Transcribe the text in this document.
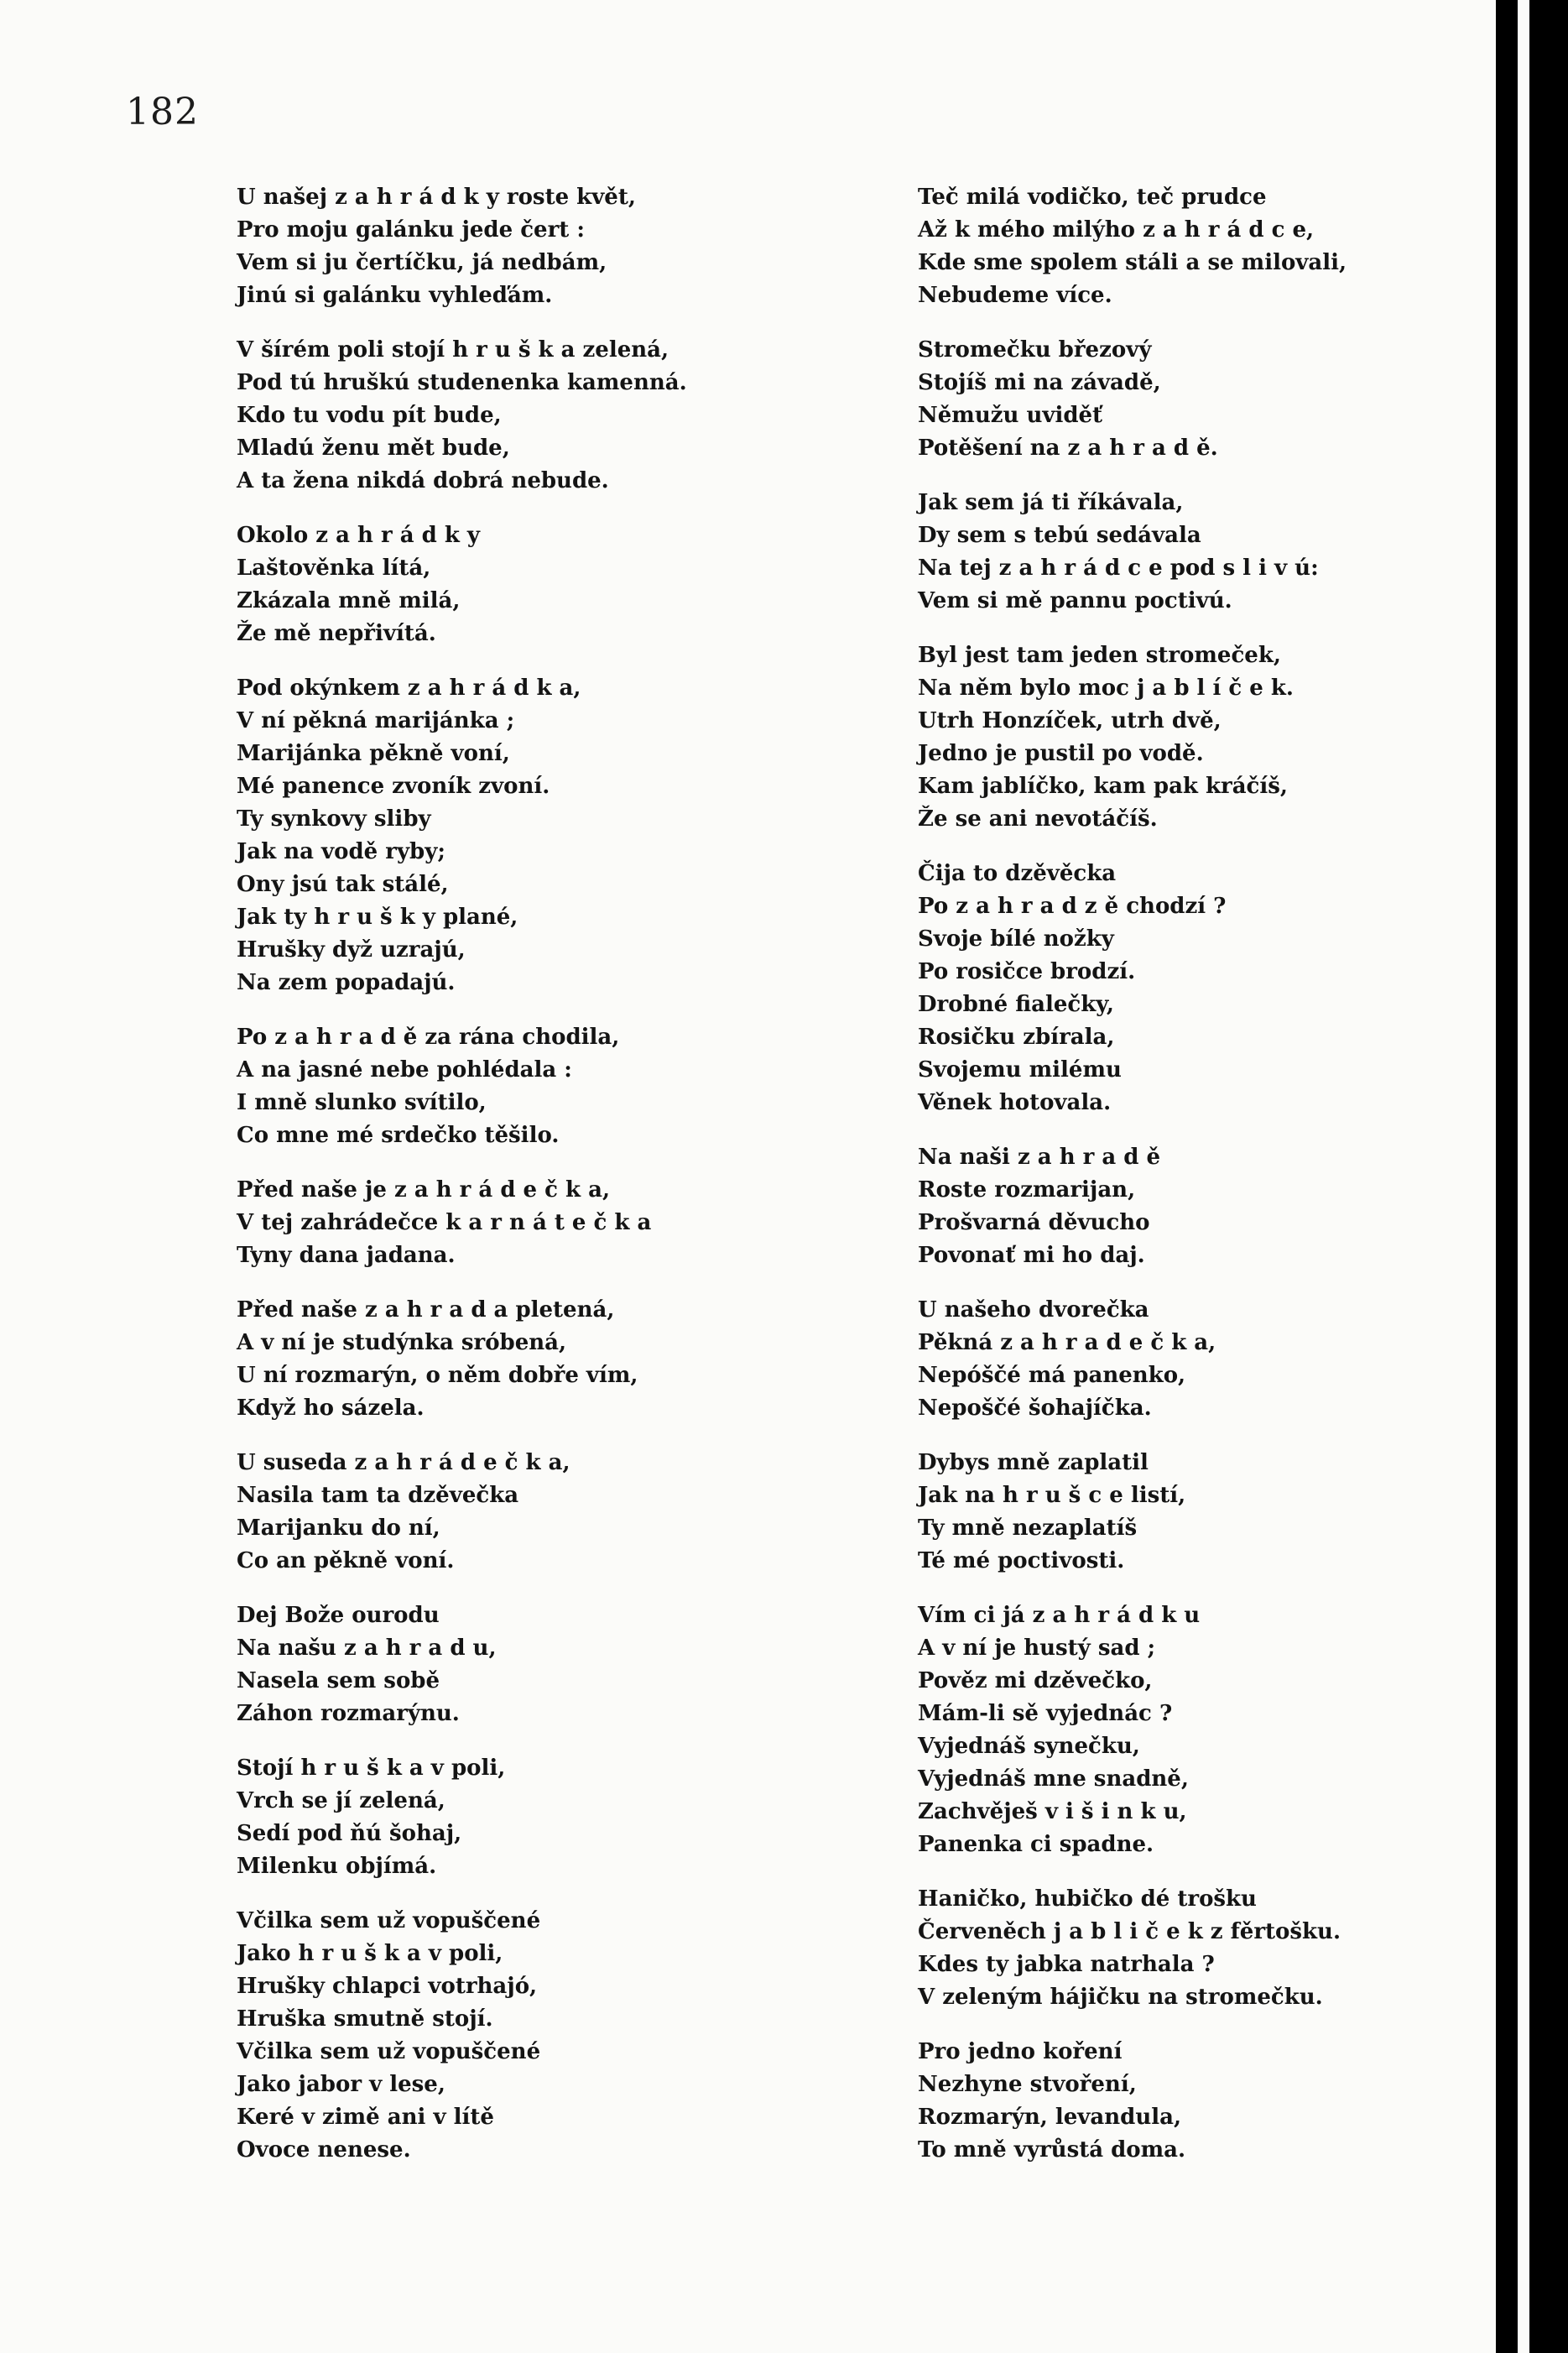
182
U našej z a h r á d k y roste květ,
Pro moju galánku jede čert :
Vem si ju čertíčku, já nedbám,
Jinú si galánku vyhleďám.
V šírém poli stojí h r u š k a zelená,
Pod tú hruškú studenenka kamenná.
Kdo tu vodu pít bude,
Mladú ženu mět bude,
A ta žena nikdá dobrá nebude.
Okolo z a h r á d k y
Laštověnka lítá,
Zkázala mně milá,
Že mě nepřivítá.
Pod okýnkem z a h r á d k a,
V ní pěkná marijánka ;
Marijánka pěkně voní,
Mé panence zvoník zvoní.
Ty synkovy sliby
Jak na vodě ryby;
Ony jsú tak stálé,
Jak ty h r u š k y plané,
Hrušky dyž uzrajú,
Na zem popadajú.
Po z a h r a d ě za ránа chodila,
A na jasné nebe pohlédala :
I mně slunko svítilo,
Co mne mé srdečko těšilo.
Před naše je z a h r á d e č k a,
V tej zahrádečce k a r n á t e č k a
Tyny dana jadana.
Před naše z a h r a d a pletená,
A v ní je studýnka sróbená,
U ní rozmarýn, o něm dobře vím,
Když ho sázela.
U suseda z a h r á d e č k a,
Nasila tam ta dzěvečka
Marijanku do ní,
Co an pěkně voní.
Dej Bože ourodu
Na našu z a h r a d u,
Nasela sem sobě
Záhon rozmarýnu.
Stojí h r u š k a v poli,
Vrch se jí zelená,
Sedí pod ňú šohaj,
Milenku objímá.
Včilka sem už vopuščené
Jako h r u š k a v poli,
Hrušky chlapci votrhajó,
Hruška smutně stojí.
Včilka sem už vopuščené
Jako jabor v lese,
Keré v zimě ani v lítě
Ovoce nenese.
Teč milá vodičko, teč prudce
Až k mého milýho z a h r á d c e,
Kde sme spolem stáli a se milovali,
Nebudeme více.
Stromečku březový
Stojíš mi na závadě,
Němužu uviděť
Potěšení na z a h r a d ě.
Jak sem já ti říkávala,
Dy sem s tebú sedávala
Na tej z a h r á d c e pod s l i v ú:
Vem si mě pannu poctivú.
Byl jest tam jeden stromeček,
Na něm bylo moc j a b l í č e k.
Utrh Honzíček, utrh dvě,
Jedno je pustil po vodě.
Kam jablíčko, kam pak kráčíš,
Že se ani nevotáčíš.
Čija to dzěvěcka
Po z a h r a d z ě chodzí ?
Svoje bílé nožky
Po rosičce brodzí.
Drobné fialečky,
Rosičku zbírala,
Svojemu milému
Věnek hotovala.
Na naši z a h r a d ě
Roste rozmarijan,
Prošvarná děvucho
Povonať mi ho daj.
U našeho dvorečka
Pěkná z a h r a d e č k a,
Nepóščé má panenko,
Nepoščé šohajíčka.
Dybys mně zaplatil
Jak na h r u š c e listí,
Ty mně nezaplatíš
Té mé poctivosti.
Vím ci já z a h r á d k u
A v ní je hustý sad ;
Pověz mi dzěvečko,
Mám-li sě vyjednác ?
Vyjednáš synečku,
Vyjednáš mne snadně,
Zachvěješ v i š i n k u,
Panenka ci spadne.
Haničko, hubičko dé trošku
Červeněch j a b l i č e k z fěrtošku.
Kdes ty jabka natrhala ?
V zeleným hájičku na stromečku.
Pro jedno koření
Nezhyne stvoření,
Rozmarýn, levandula,
To mně vyrůstá doma.
